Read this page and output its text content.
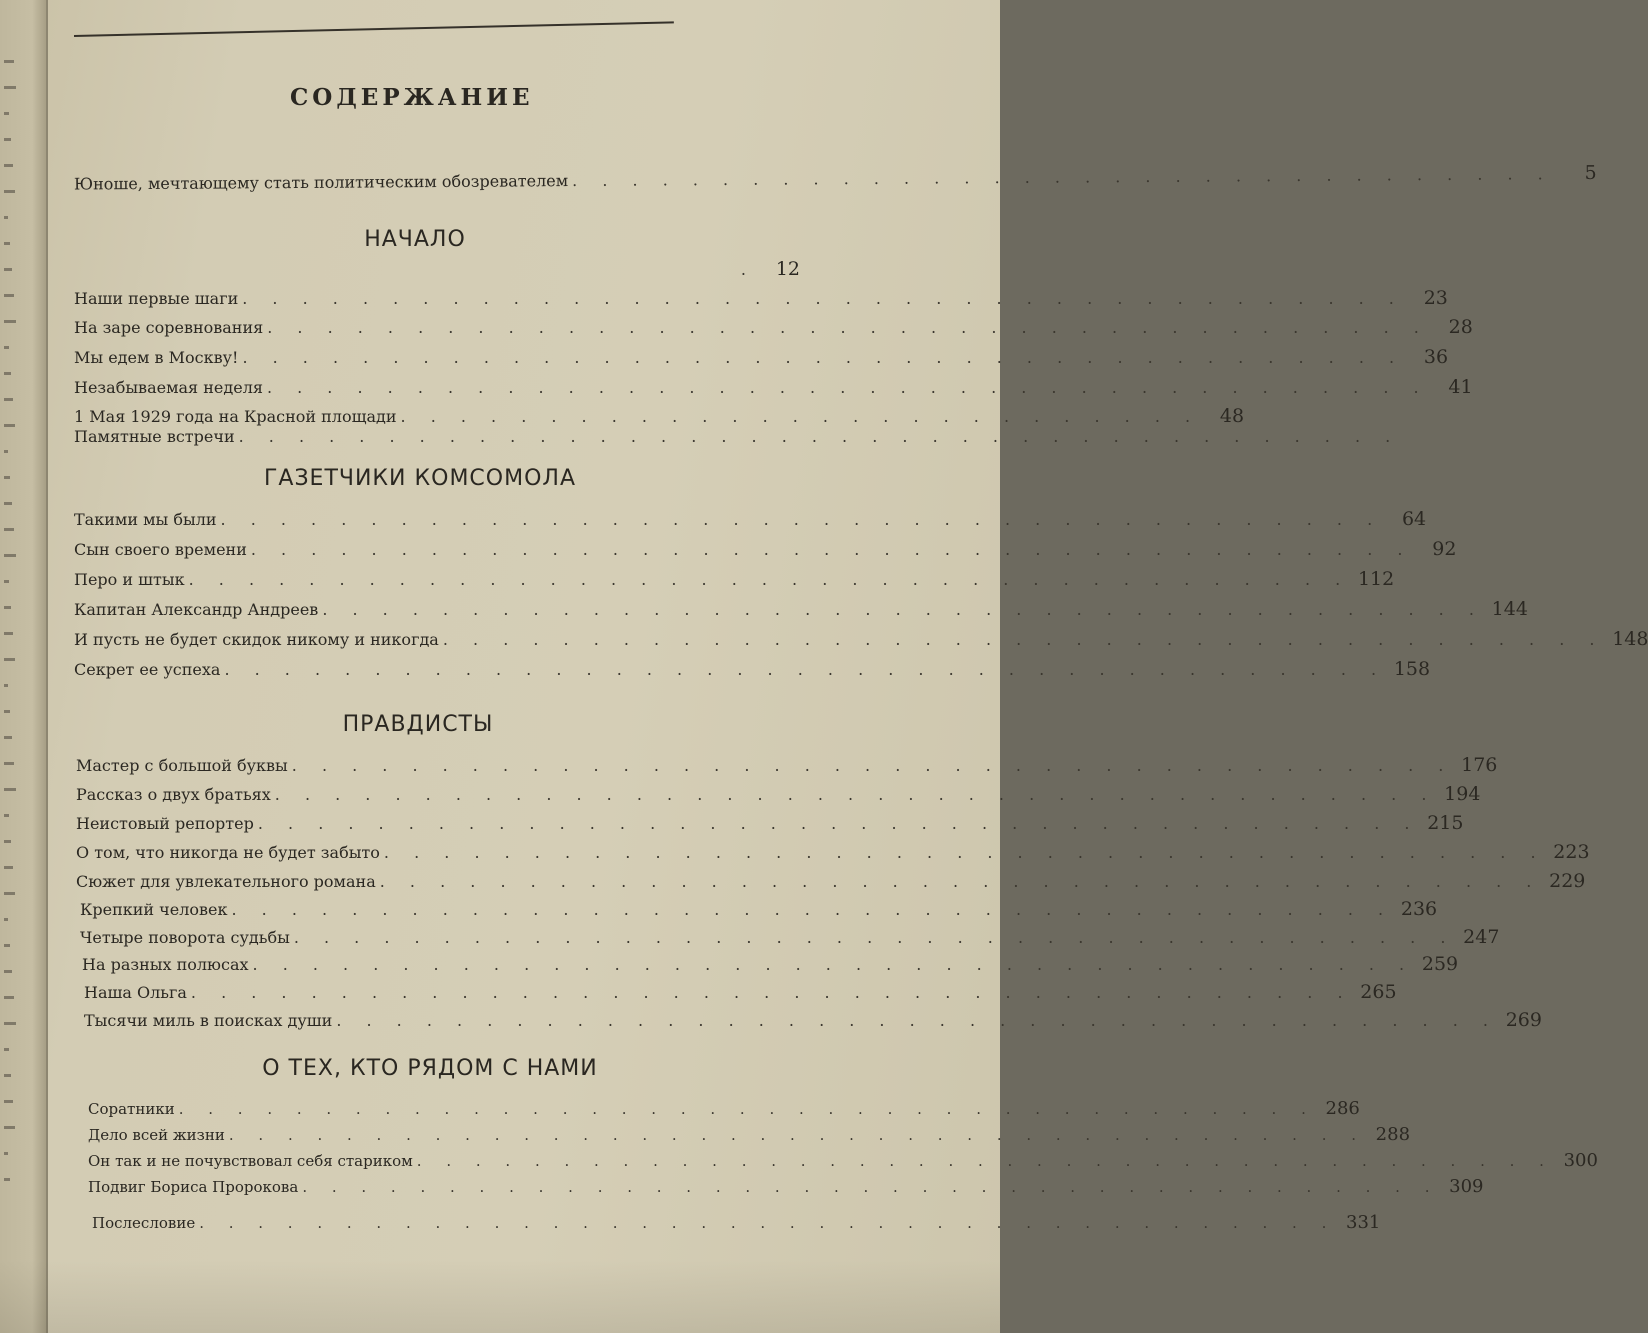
СОДЕРЖАНИЕ
Юноше, мечтающему стать политическим обозревателем . . . . . . . . . . . . . . . . . . . . . . . . . . . . . . . . .	5
НАЧАЛО
.	12
Наши первые шаги . . . . . . . . . . . . . . . . . . . . . . . . . . . . . . . . . . . . . . .	23
На заре соревнования . . . . . . . . . . . . . . . . . . . . . . . . . . . . . . . . . . . . . . .	28
Мы едем в Москву! . . . . . . . . . . . . . . . . . . . . . . . . . . . . . . . . . . . . . . .	36
Незабываемая неделя . . . . . . . . . . . . . . . . . . . . . . . . . . . . . . . . . . . . . . .	41
1 Мая 1929 года на Красной площади . . . . . . . . . . . . . . . . . . . . . . . . . . .	48
Памятные встречи . . . . . . . . . . . . . . . . . . . . . . . . . . . . . . . . . . . . . . .
ГАЗЕТЧИКИ КОМСОМОЛА
Такими мы были . . . . . . . . . . . . . . . . . . . . . . . . . . . . . . . . . . . . . . .	64
Сын своего времени . . . . . . . . . . . . . . . . . . . . . . . . . . . . . . . . . . . . . . .	92
Перо и штык . . . . . . . . . . . . . . . . . . . . . . . . . . . . . . . . . . . . . . . 112
Капитан Александр Андреев . . . . . . . . . . . . . . . . . . . . . . . . . . . . . . . . . . . . . . . 144
И пусть не будет скидок никому и никогда . . . . . . . . . . . . . . . . . . . . . . . . . . . . . . . . . . . . . . . 148
Секрет ее успеха . . . . . . . . . . . . . . . . . . . . . . . . . . . . . . . . . . . . . . . 158
ПРАВДИСТЫ
Мастер с большой буквы . . . . . . . . . . . . . . . . . . . . . . . . . . . . . . . . . . . . . . . 176
Рассказ о двух братьях . . . . . . . . . . . . . . . . . . . . . . . . . . . . . . . . . . . . . . . 194
Неистовый репортер . . . . . . . . . . . . . . . . . . . . . . . . . . . . . . . . . . . . . . . 215
О том, что никогда не будет забыто . . . . . . . . . . . . . . . . . . . . . . . . . . . . . . . . . . . . . . . 223
Сюжет для увлекательного романа . . . . . . . . . . . . . . . . . . . . . . . . . . . . . . . . . . . . . . . 229
Крепкий человек . . . . . . . . . . . . . . . . . . . . . . . . . . . . . . . . . . . . . . . 236
Четыре поворота судьбы . . . . . . . . . . . . . . . . . . . . . . . . . . . . . . . . . . . . . . . 247
На разных полюсах . . . . . . . . . . . . . . . . . . . . . . . . . . . . . . . . . . . . . . . 259
Наша Ольга . . . . . . . . . . . . . . . . . . . . . . . . . . . . . . . . . . . . . . . 265
Тысячи миль в поисках души . . . . . . . . . . . . . . . . . . . . . . . . . . . . . . . . . . . . . . . 269
О ТЕХ, КТО РЯДОМ С НАМИ
Соратники . . . . . . . . . . . . . . . . . . . . . . . . . . . . . . . . . . . . . . . 286
Дело всей жизни . . . . . . . . . . . . . . . . . . . . . . . . . . . . . . . . . . . . . . . 288
Он так и не почувствовал себя стариком . . . . . . . . . . . . . . . . . . . . . . . . . . . . . . . . . . . . . . . 300
Подвиг Бориса Пророкова . . . . . . . . . . . . . . . . . . . . . . . . . . . . . . . . . . . . . . . 309
Послесловие . . . . . . . . . . . . . . . . . . . . . . . . . . . . . . . . . . . . . . . 331
